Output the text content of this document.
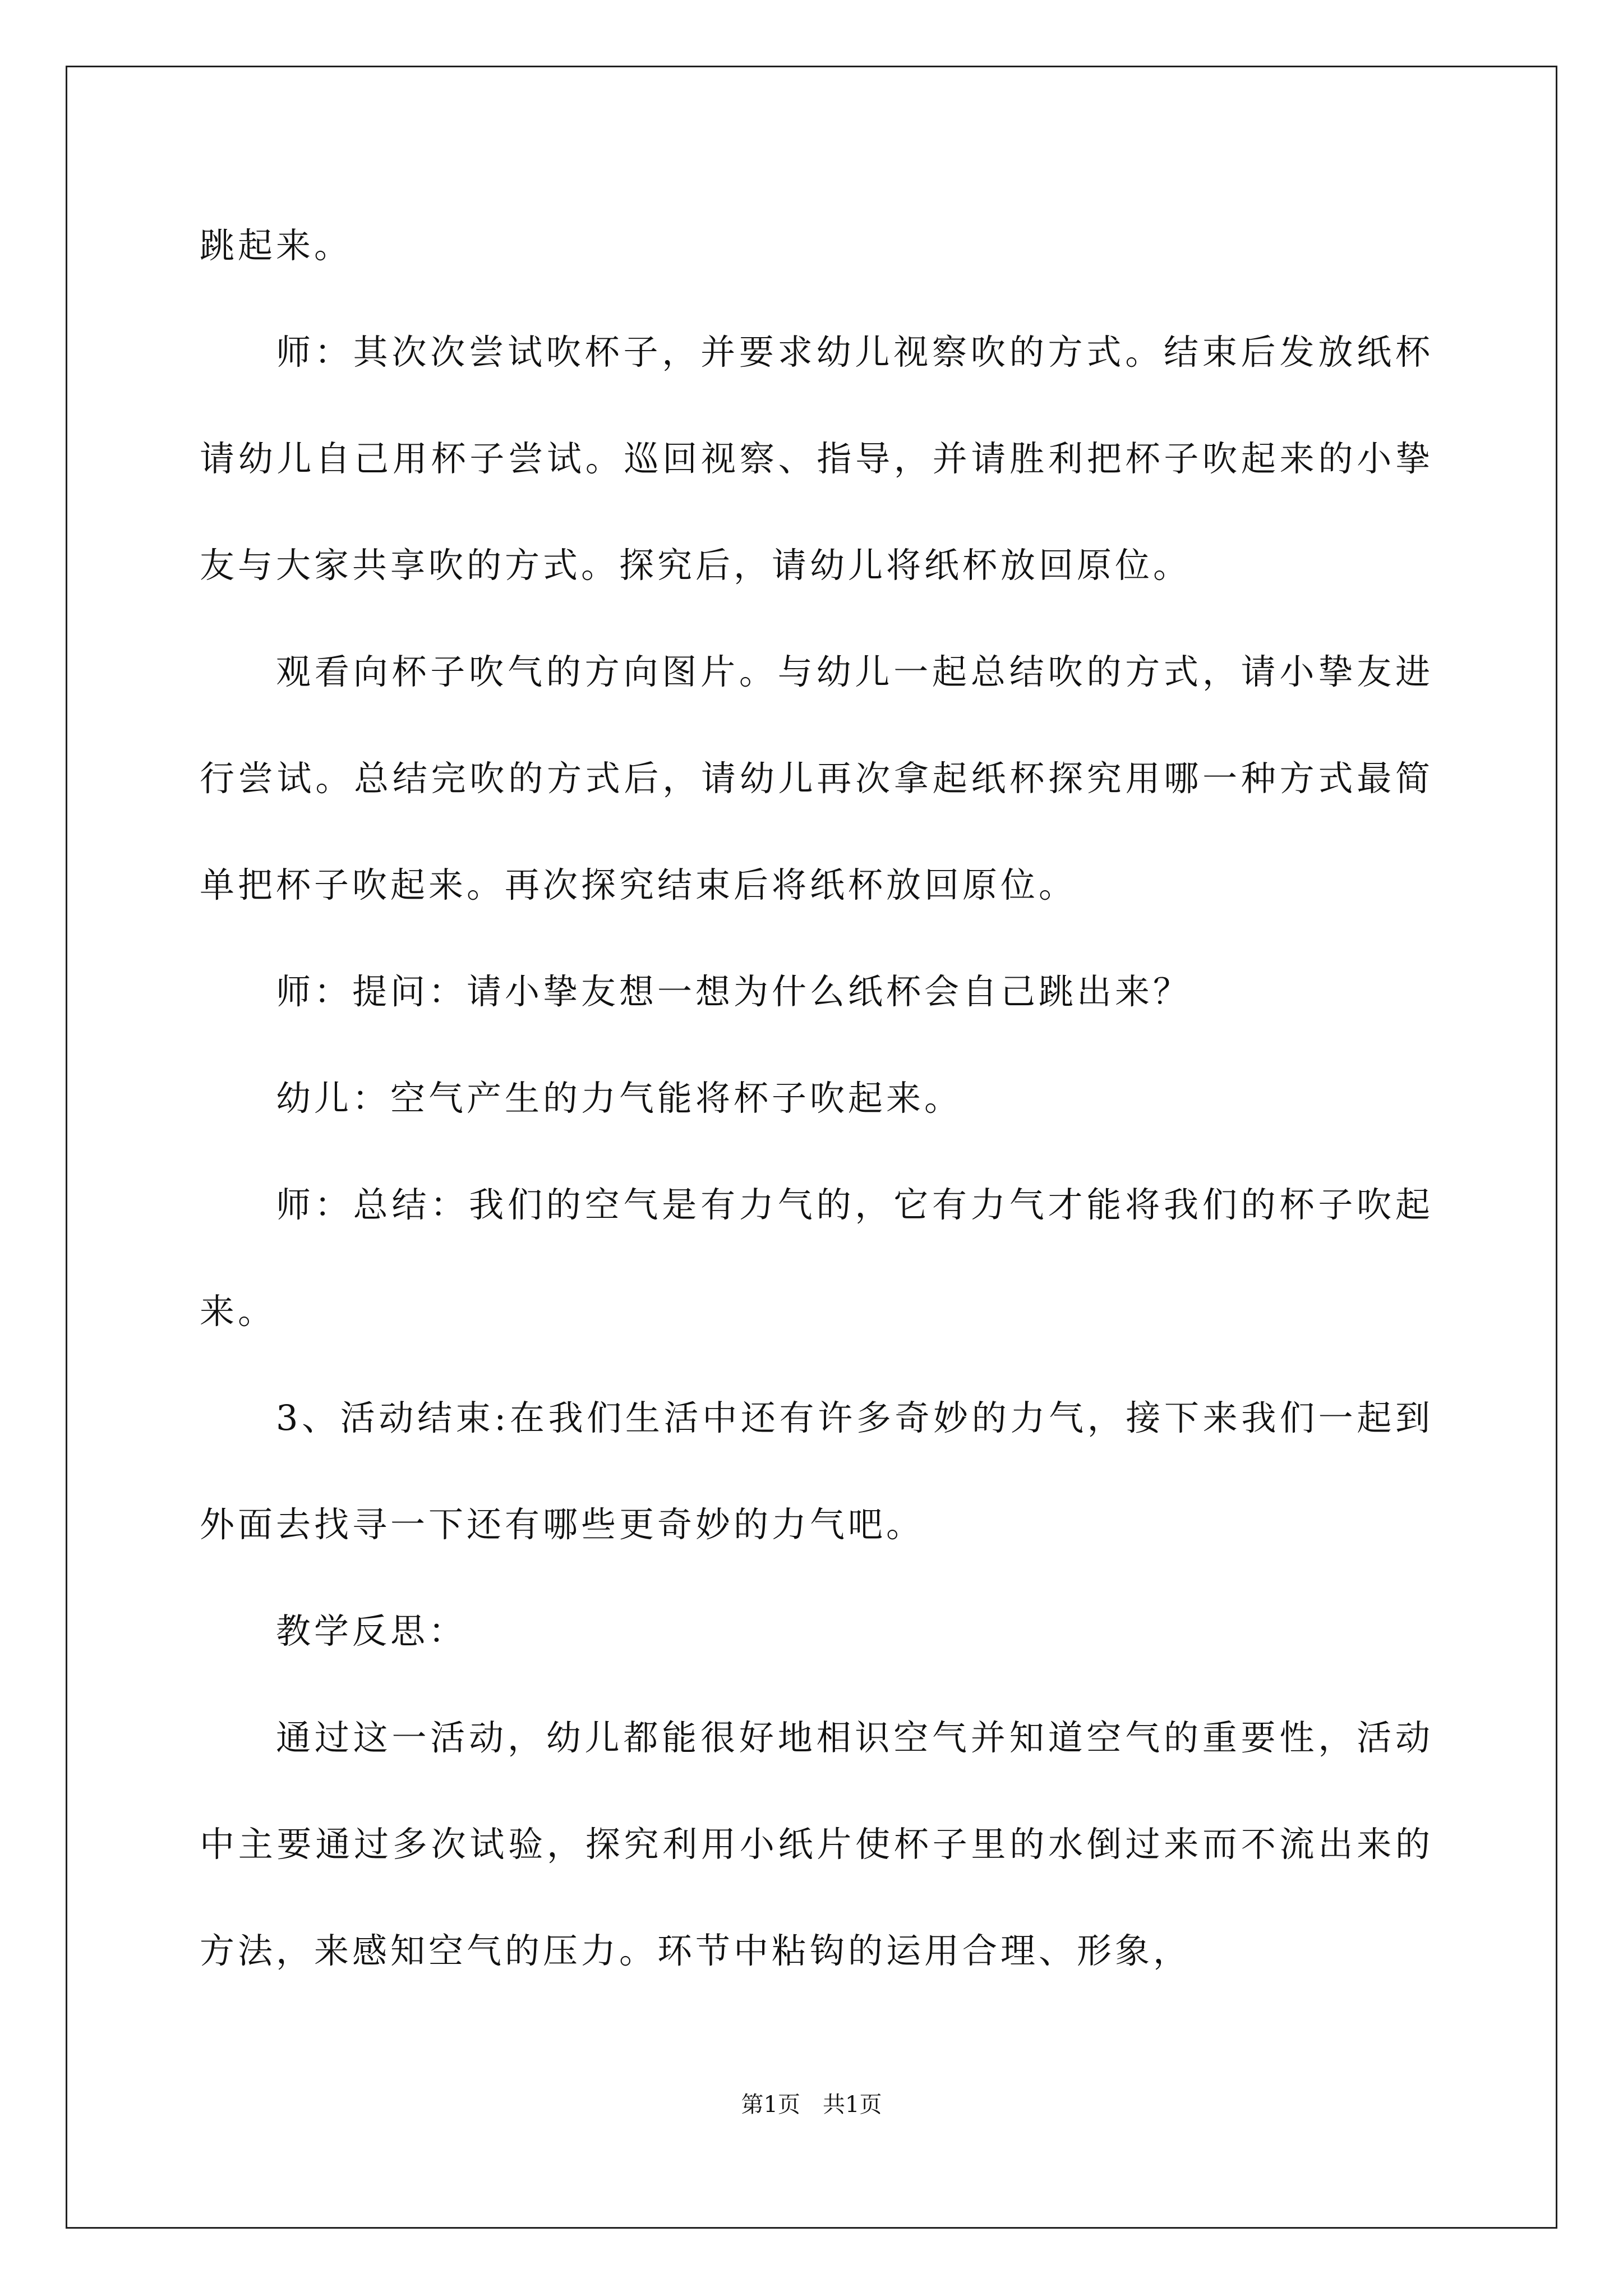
跳起来。

师：其次次尝试吹杯子，并要求幼儿视察吹的方式。结束后发放纸杯请幼儿自己用杯子尝试。巡回视察、指导，并请胜利把杯子吹起来的小挚友与大家共享吹的方式。探究后，请幼儿将纸杯放回原位。

观看向杯子吹气的方向图片。与幼儿一起总结吹的方式，请小挚友进行尝试。总结完吹的方式后，请幼儿再次拿起纸杯探究用哪一种方式最简单把杯子吹起来。再次探究结束后将纸杯放回原位。

师：提问：请小挚友想一想为什么纸杯会自己跳出来？

幼儿：空气产生的力气能将杯子吹起来。

师：总结：我们的空气是有力气的，它有力气才能将我们的杯子吹起来。

3、活动结束:在我们生活中还有许多奇妙的力气，接下来我们一起到外面去找寻一下还有哪些更奇妙的力气吧。

教学反思：

通过这一活动，幼儿都能很好地相识空气并知道空气的重要性，活动中主要通过多次试验，探究利用小纸片使杯子里的水倒过来而不流出来的方法，来感知空气的压力。环节中粘钩的运用合理、形象，

第1页　共1页
